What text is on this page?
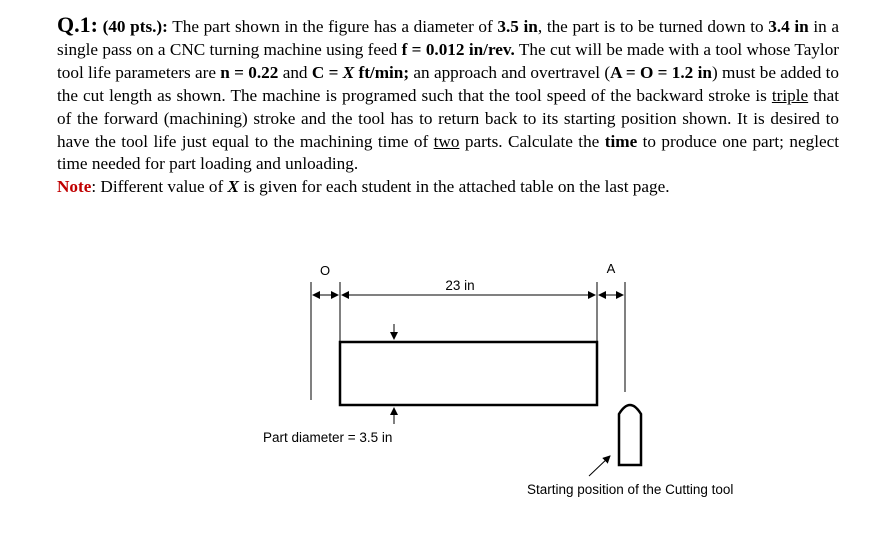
Q.1: (40 pts.): The part shown in the figure has a diameter of 3.5 in, the part is to be turned down to 3.4 in in a single pass on a CNC turning machine using feed f = 0.012 in/rev. The cut will be made with a tool whose Taylor tool life parameters are n = 0.22 and C = X ft/min; an approach and overtravel (A = O = 1.2 in) must be added to the cut length as shown. The machine is programed such that the tool speed of the backward stroke is triple that of the forward (machining) stroke and the tool has to return back to its starting position shown. It is desired to have the tool life just equal to the machining time of two parts. Calculate the time to produce one part; neglect time needed for part loading and unloading.
Note: Different value of X is given for each student in the attached table on the last page.
O	A
23 in
Part diameter = 3.5 in
Starting position of the Cutting tool
